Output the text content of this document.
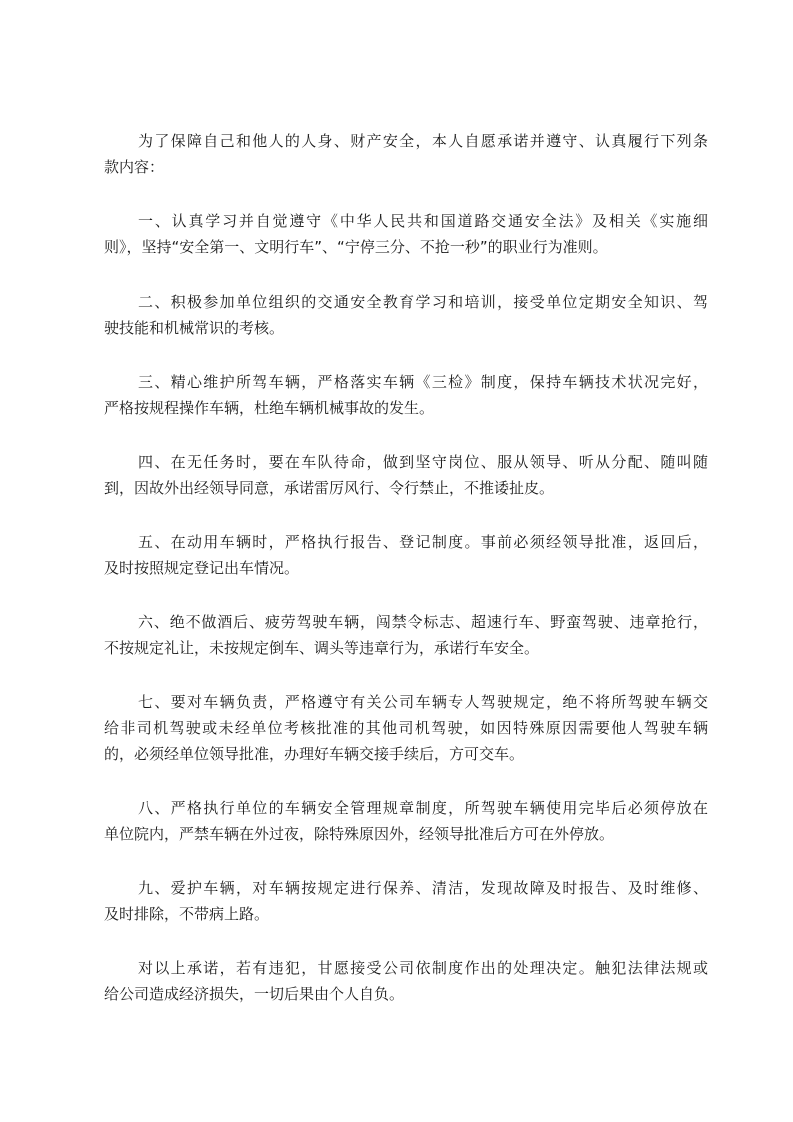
为了保障自己和他人的人身、财产安全，本人自愿承诺并遵守、认真履行下列条
款内容：
一、认真学习并自觉遵守《中华人民共和国道路交通安全法》及相关《实施细
则》，坚持“安全第一、文明行车”、“宁停三分、不抢一秒”的职业行为准则。
二、积极参加单位组织的交通安全教育学习和培训，接受单位定期安全知识、驾
驶技能和机械常识的考核。
三、精心维护所驾车辆，严格落实车辆《三检》制度，保持车辆技术状况完好，
严格按规程操作车辆，杜绝车辆机械事故的发生。
四、在无任务时，要在车队待命，做到坚守岗位、服从领导、听从分配、随叫随
到，因故外出经领导同意，承诺雷厉风行、令行禁止，不推诿扯皮。
五、在动用车辆时，严格执行报告、登记制度。事前必须经领导批准，返回后，
及时按照规定登记出车情况。
六、绝不做酒后、疲劳驾驶车辆，闯禁令标志、超速行车、野蛮驾驶、违章抢行，
不按规定礼让，未按规定倒车、调头等违章行为，承诺行车安全。
七、要对车辆负责，严格遵守有关公司车辆专人驾驶规定，绝不将所驾驶车辆交
给非司机驾驶或未经单位考核批准的其他司机驾驶，如因特殊原因需要他人驾驶车辆
的，必须经单位领导批准，办理好车辆交接手续后，方可交车。
八、严格执行单位的车辆安全管理规章制度，所驾驶车辆使用完毕后必须停放在
单位院内，严禁车辆在外过夜，除特殊原因外，经领导批准后方可在外停放。
九、爱护车辆，对车辆按规定进行保养、清洁，发现故障及时报告、及时维修、
及时排除，不带病上路。
对以上承诺，若有违犯，甘愿接受公司依制度作出的处理决定。触犯法律法规或
给公司造成经济损失，一切后果由个人自负。
